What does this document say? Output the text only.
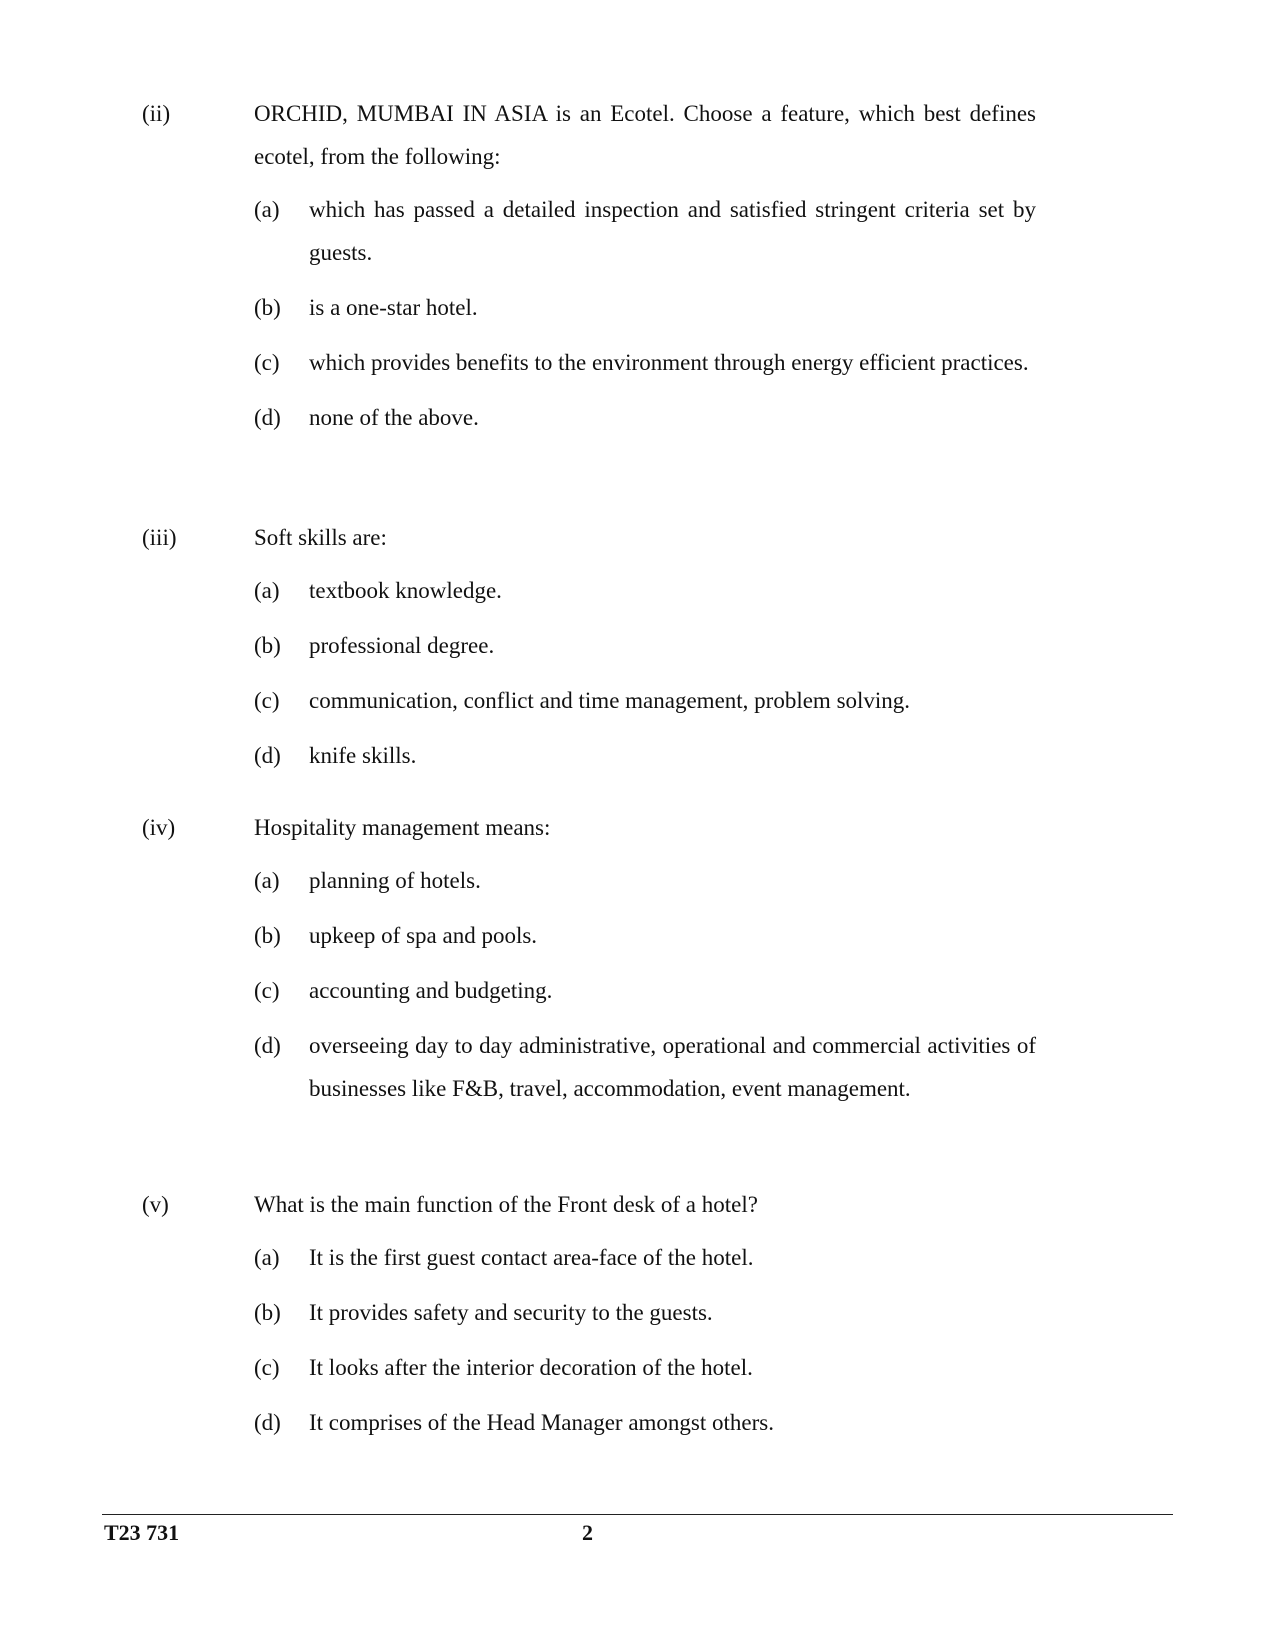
(ii)	ORCHID, MUMBAI IN ASIA is an Ecotel. Choose a feature, which best defines ecotel, from the following:
(a) which has passed a detailed inspection and satisfied stringent criteria set by guests.
(b) is a one-star hotel.
(c) which provides benefits to the environment through energy efficient practices.
(d) none of the above.
(iii)	Soft skills are:
(a) textbook knowledge.
(b) professional degree.
(c) communication, conflict and time management, problem solving.
(d) knife skills.
(iv)	Hospitality management means:
(a) planning of hotels.
(b) upkeep of spa and pools.
(c) accounting and budgeting.
(d) overseeing day to day administrative, operational and commercial activities of businesses like F&B, travel, accommodation, event management.
(v)	What is the main function of the Front desk of a hotel?
(a) It is the first guest contact area-face of the hotel.
(b) It provides safety and security to the guests.
(c) It looks after the interior decoration of the hotel.
(d) It comprises of the Head Manager amongst others.
T23 731	2
